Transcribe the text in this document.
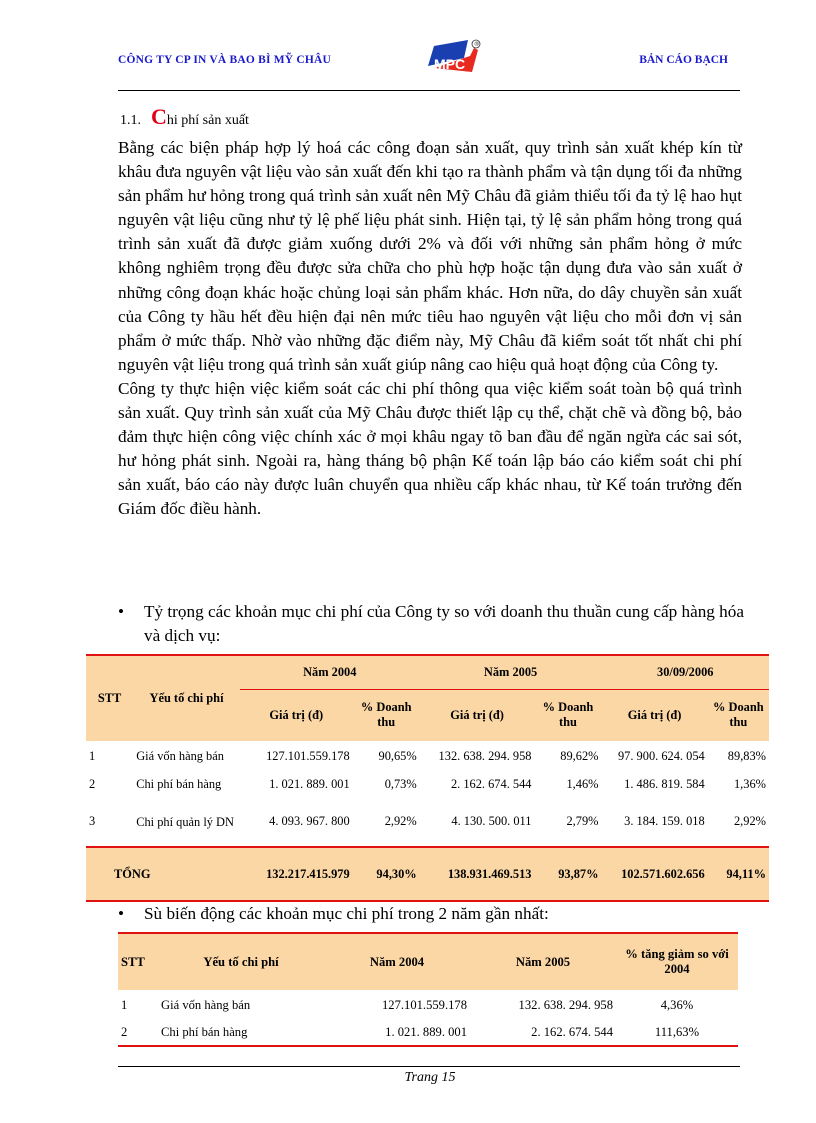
CÔNG TY CP IN VÀ BAO BÌ MỸ CHÂU	MPC
®
BẢN CÁO BẠCH
1.1. Chi phí sản xuất

Bằng các biện pháp hợp lý hoá các công đoạn sản xuất, quy trình sản xuất khép kín từ khâu đưa nguyên vật liệu vào sản xuất đến khi tạo ra thành phẩm và tận dụng tối đa những sản phẩm hư hỏng trong quá trình sản xuất nên Mỹ Châu đã giảm thiểu tối đa tỷ lệ hao hụt nguyên vật liệu cũng như tỷ lệ phế liệu phát sinh. Hiện tại, tỷ lệ sản phẩm hỏng trong quá trình sản xuất đã được giảm xuống dưới 2% và đối với những sản phẩm hỏng ở mức không nghiêm trọng đều được sửa chữa cho phù hợp hoặc tận dụng đưa vào sản xuất ở những công đoạn khác hoặc chủng loại sản phẩm khác. Hơn nữa, do dây chuyền sản xuất của Công ty hầu hết đều hiện đại nên mức tiêu hao nguyên vật liệu cho mỗi đơn vị sản phẩm ở mức thấp. Nhờ vào những đặc điểm này, Mỹ Châu đã kiểm soát tốt nhất chi phí nguyên vật liệu trong quá trình sản xuất giúp nâng cao hiệu quả hoạt động của Công ty.

Công ty thực hiện việc kiểm soát các chi phí thông qua việc kiểm soát toàn bộ quá trình sản xuất. Quy trình sản xuất của Mỹ Châu được thiết lập cụ thể, chặt chẽ và đồng bộ, bảo đảm thực hiện công việc chính xác ở mọi khâu ngay tõ ban đầu để ngăn ngừa các sai sót, hư hỏng phát sinh. Ngoài ra, hàng tháng bộ phận Kế toán lập báo cáo kiểm soát chi phí sản xuất, báo cáo này được luân chuyển qua nhiều cấp khác nhau, từ Kế toán trưởng đến Giám đốc điều hành.

• Tỷ trọng các khoản mục chi phí của Công ty so với doanh thu thuần cung cấp hàng hóa và dịch vụ:
STT	Yếu tố chi phí	Năm 2004		Năm 2005		30/09/2006	
		Giá trị (đ)	% Doanh thu	Giá trị (đ)	% Doanh thu	Giá trị (đ)	% Doanh thu
1	Giá vốn hàng bán	127.101.559.178	90,65%	132. 638. 294. 958	89,62%	97. 900. 624. 054	89,83%
2	Chi phí bán hàng	1. 021. 889. 001	0,73%	2. 162. 674. 544	1,46%	1. 486. 819. 584	1,36%
3	Chi phí quản lý DN	4. 093. 967. 800	2,92%	4. 130. 500. 011	2,79%	3. 184. 159. 018	2,92%
TỔNG		132.217.415.979	94,30%	138.931.469.513	93,87%	102.571.602.656	94,11%
• Sù biến động các khoản mục chi phí trong 2 năm gần nhất:
STT	Yếu tố chi phí	Năm 2004	Năm 2005	% tăng giảm so với 2004
1	Giá vốn hàng bán	127.101.559.178	132. 638. 294. 958	4,36%
2	Chi phí bán hàng	1. 021. 889. 001	2. 162. 674. 544	111,63%
Trang 15
